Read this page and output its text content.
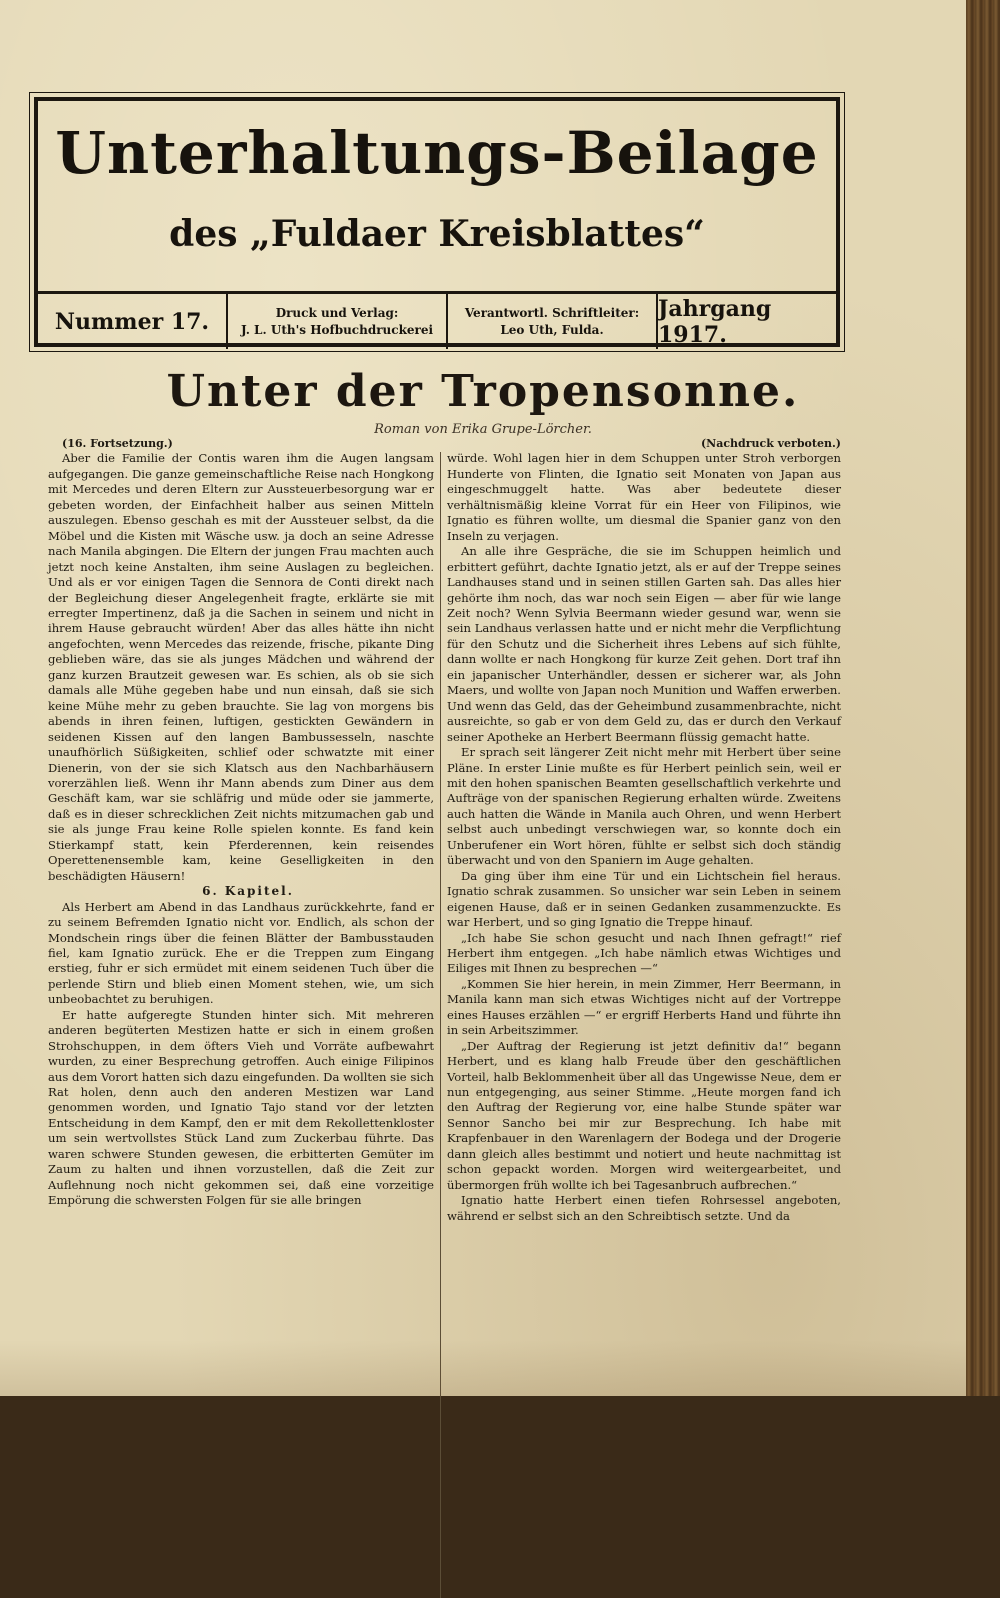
Unterhaltungs-Beilage
des „Fuldaer Kreisblattes“
Nummer 17.	Druck und Verlag:
J. L. Uth's Hofbuchdruckerei
Verantwortl. Schriftleiter:
Leo Uth, Fulda.
Jahrgang 1917.
Unter der Tropensonne.
Roman von Erika Grupe-Lörcher.

(16. Fortsetzung.)

Aber die Familie der Contis waren ihm die Augen langsam aufgegangen. Die ganze gemeinschaftliche Reise nach Hongkong mit Mercedes und deren Eltern zur Aussteuerbesorgung war er gebeten worden, der Einfachheit halber aus seinen Mitteln auszulegen. Ebenso geschah es mit der Aussteuer selbst, da die Möbel und die Kisten mit Wäsche usw. ja doch an seine Adresse nach Manila abgingen. Die Eltern der jungen Frau machten auch jetzt noch keine Anstalten, ihm seine Auslagen zu begleichen. Und als er vor einigen Tagen die Sennora de Conti direkt nach der Begleichung dieser Angelegenheit fragte, erklärte sie mit erregter Impertinenz, daß ja die Sachen in seinem und nicht in ihrem Hause gebraucht würden! Aber das alles hätte ihn nicht angefochten, wenn Mercedes das reizende, frische, pikante Ding geblieben wäre, das sie als junges Mädchen und während der ganz kurzen Brautzeit gewesen war. Es schien, als ob sie sich damals alle Mühe gegeben habe und nun einsah, daß sie sich keine Mühe mehr zu geben brauchte. Sie lag von morgens bis abends in ihren feinen, luftigen, gestickten Gewändern in seidenen Kissen auf den langen Bambussesseln, naschte unaufhörlich Süßigkeiten, schlief oder schwatzte mit einer Dienerin, von der sie sich Klatsch aus den Nachbarhäusern vorerzählen ließ. Wenn ihr Mann abends zum Diner aus dem Geschäft kam, war sie schläfrig und müde oder sie jammerte, daß es in dieser schrecklichen Zeit nichts mitzumachen gab und sie als junge Frau keine Rolle spielen konnte. Es fand kein Stierkampf statt, kein Pferderennen, kein reisendes Operettenensemble kam, keine Geselligkeiten in den beschädigten Häusern!

6. Kapitel.

Als Herbert am Abend in das Landhaus zurückkehrte, fand er zu seinem Befremden Ignatio nicht vor. Endlich, als schon der Mondschein rings über die feinen Blätter der Bambusstauden fiel, kam Ignatio zurück. Ehe er die Treppen zum Eingang erstieg, fuhr er sich ermüdet mit einem seidenen Tuch über die perlende Stirn und blieb einen Moment stehen, wie, um sich unbeobachtet zu beruhigen.

Er hatte aufgeregte Stunden hinter sich. Mit mehreren anderen begüterten Mestizen hatte er sich in einem großen Strohschuppen, in dem öfters Vieh und Vorräte aufbewahrt wurden, zu einer Besprechung getroffen. Auch einige Filipinos aus dem Vorort hatten sich dazu eingefunden. Da wollten sie sich Rat holen, denn auch den anderen Mestizen war Land genommen worden, und Ignatio Tajo stand vor der letzten Entscheidung in dem Kampf, den er mit dem Rekollettenkloster um sein wertvollstes Stück Land zum Zuckerbau führte. Das waren schwere Stunden gewesen, die erbitterten Gemüter im Zaum zu halten und ihnen vorzustellen, daß die Zeit zur Auflehnung noch nicht gekommen sei, daß eine vorzeitige Empörung die schwersten Folgen für sie alle bringen

(Nachdruck verboten.)

würde. Wohl lagen hier in dem Schuppen unter Stroh verborgen Hunderte von Flinten, die Ignatio seit Monaten von Japan aus eingeschmuggelt hatte. Was aber bedeutete dieser verhältnismäßig kleine Vorrat für ein Heer von Filipinos, wie Ignatio es führen wollte, um diesmal die Spanier ganz von den Inseln zu verjagen.

An alle ihre Gespräche, die sie im Schuppen heimlich und erbittert geführt, dachte Ignatio jetzt, als er auf der Treppe seines Landhauses stand und in seinen stillen Garten sah. Das alles hier gehörte ihm noch, das war noch sein Eigen — aber für wie lange Zeit noch? Wenn Sylvia Beermann wieder gesund war, wenn sie sein Landhaus verlassen hatte und er nicht mehr die Verpflichtung für den Schutz und die Sicherheit ihres Lebens auf sich fühlte, dann wollte er nach Hongkong für kurze Zeit gehen. Dort traf ihn ein japanischer Unterhändler, dessen er sicherer war, als John Maers, und wollte von Japan noch Munition und Waffen erwerben. Und wenn das Geld, das der Geheimbund zusammenbrachte, nicht ausreichte, so gab er von dem Geld zu, das er durch den Verkauf seiner Apotheke an Herbert Beermann flüssig gemacht hatte.

Er sprach seit längerer Zeit nicht mehr mit Herbert über seine Pläne. In erster Linie mußte es für Herbert peinlich sein, weil er mit den hohen spanischen Beamten gesellschaftlich verkehrte und Aufträge von der spanischen Regierung erhalten würde. Zweitens auch hatten die Wände in Manila auch Ohren, und wenn Herbert selbst auch unbedingt verschwiegen war, so konnte doch ein Unberufener ein Wort hören, fühlte er selbst sich doch ständig überwacht und von den Spaniern im Auge gehalten.

Da ging über ihm eine Tür und ein Lichtschein fiel heraus. Ignatio schrak zusammen. So unsicher war sein Leben in seinem eigenen Hause, daß er in seinen Gedanken zusammenzuckte. Es war Herbert, und so ging Ignatio die Treppe hinauf.

„Ich habe Sie schon gesucht und nach Ihnen gefragt!“ rief Herbert ihm entgegen. „Ich habe nämlich etwas Wichtiges und Eiliges mit Ihnen zu besprechen —“

„Kommen Sie hier herein, in mein Zimmer, Herr Beermann, in Manila kann man sich etwas Wichtiges nicht auf der Vortreppe eines Hauses erzählen —“ er ergriff Herberts Hand und führte ihn in sein Arbeitszimmer.

„Der Auftrag der Regierung ist jetzt definitiv da!“ begann Herbert, und es klang halb Freude über den geschäftlichen Vorteil, halb Beklommenheit über all das Ungewisse Neue, dem er nun entgegenging, aus seiner Stimme. „Heute morgen fand ich den Auftrag der Regierung vor, eine halbe Stunde später war Sennor Sancho bei mir zur Besprechung. Ich habe mit Krapfenbauer in den Warenlagern der Bodega und der Drogerie dann gleich alles bestimmt und notiert und heute nachmittag ist schon gepackt worden. Morgen wird weitergearbeitet, und übermorgen früh wollte ich bei Tagesanbruch aufbrechen.“

Ignatio hatte Herbert einen tiefen Rohrsessel angeboten, während er selbst sich an den Schreibtisch setzte. Und da
